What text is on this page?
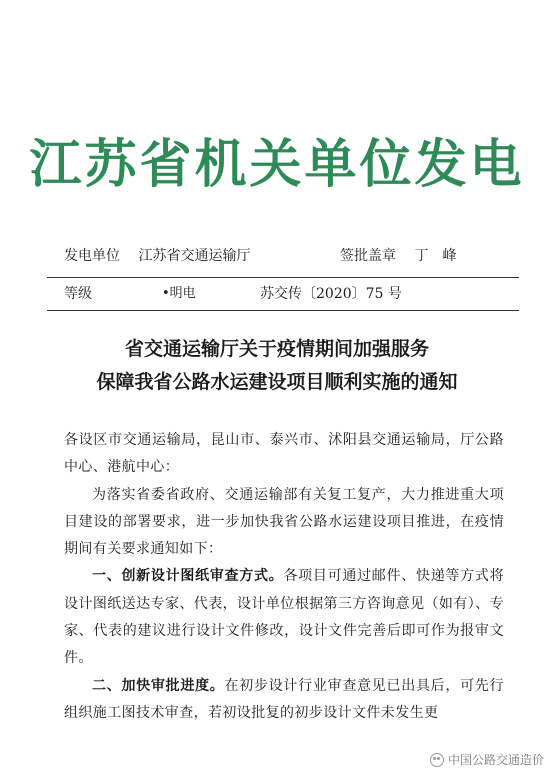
江苏省机关单位发电
发电单位 江苏省交通运输厅	签批盖章 丁　峰
等级	•明电	苏交传〔2020〕75 号
省交通运输厅关于疫情期间加强服务
保障我省公路水运建设项目顺利实施的通知

各设区市交通运输局，昆山市、泰兴市、沭阳县交通运输局，厅公路中心、港航中心：

为落实省委省政府、交通运输部有关复工复产，大力推进重大项目建设的部署要求，进一步加快我省公路水运建设项目推进，在疫情期间有关要求通知如下：

一、创新设计图纸审查方式。各项目可通过邮件、快递等方式将设计图纸送达专家、代表，设计单位根据第三方咨询意见（如有）、专家、代表的建议进行设计文件修改，设计文件完善后即可作为报审文件。

二、加快审批进度。在初步设计行业审查意见已出具后，可先行组织施工图技术审查，若初设批复的初步设计文件未发生更

中国公路交通造价
